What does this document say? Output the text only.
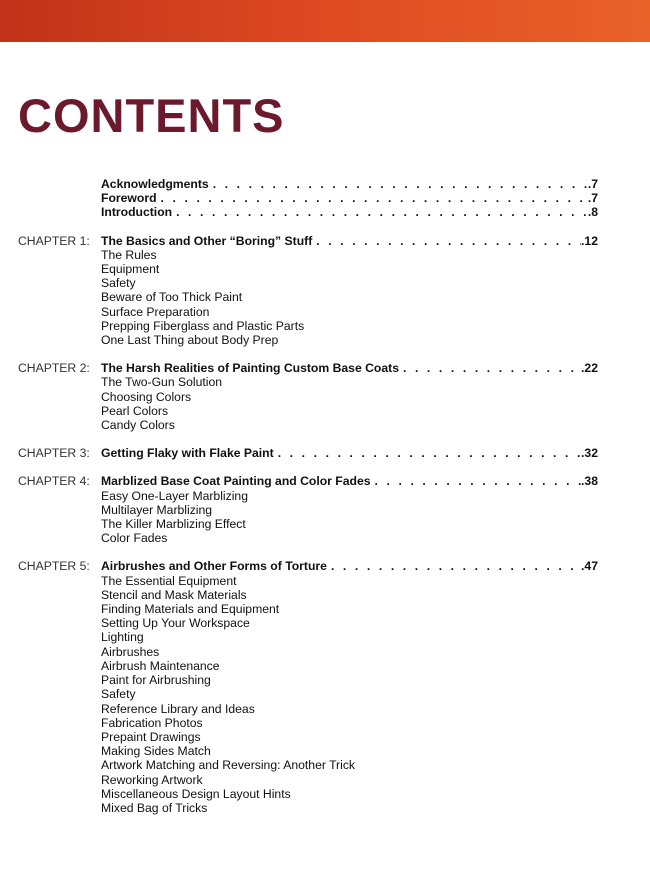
CONTENTS
Acknowledgments . . .	.7
Foreword . . .	.7
Introduction . . .	.8
CHAPTER 1: The Basics and Other “Boring” Stuff . . .	.12
The Rules
Equipment
Safety
Beware of Too Thick Paint
Surface Preparation
Prepping Fiberglass and Plastic Parts
One Last Thing about Body Prep
CHAPTER 2: The Harsh Realities of Painting Custom Base Coats . . .	.22
The Two-Gun Solution
Choosing Colors
Pearl Colors
Candy Colors
CHAPTER 3: Getting Flaky with Flake Paint . . .	.32
CHAPTER 4: Marblized Base Coat Painting and Color Fades . . .	.38
Easy One-Layer Marblizing
Multilayer Marblizing
The Killer Marblizing Effect
Color Fades
CHAPTER 5: Airbrushes and Other Forms of Torture . . .	.47
The Essential Equipment
Stencil and Mask Materials
Finding Materials and Equipment
Setting Up Your Workspace
Lighting
Airbrushes
Airbrush Maintenance
Paint for Airbrushing
Safety
Reference Library and Ideas
Fabrication Photos
Prepaint Drawings
Making Sides Match
Artwork Matching and Reversing: Another Trick
Reworking Artwork
Miscellaneous Design Layout Hints
Mixed Bag of Tricks
